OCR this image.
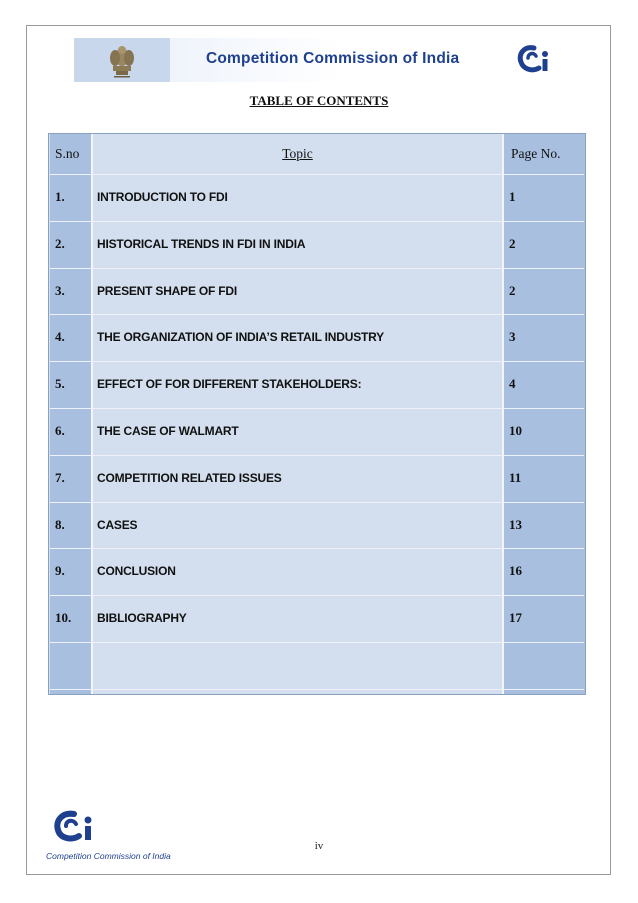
Competition Commission of India
TABLE OF CONTENTS
S.no	Topic	Page No.
1.	INTRODUCTION TO FDI	1
2.	HISTORICAL TRENDS IN FDI IN INDIA	2
3.	PRESENT SHAPE OF FDI	2
4.	THE ORGANIZATION OF INDIA’S RETAIL INDUSTRY	3
5.	EFFECT OF FOR DIFFERENT STAKEHOLDERS:	4
6.	THE CASE OF WALMART	10
7.	COMPETITION RELATED ISSUES	11
8.	CASES	13
9.	CONCLUSION	16
10. BIBLIOGRAPHY	17
Competition Commission of India
iv
